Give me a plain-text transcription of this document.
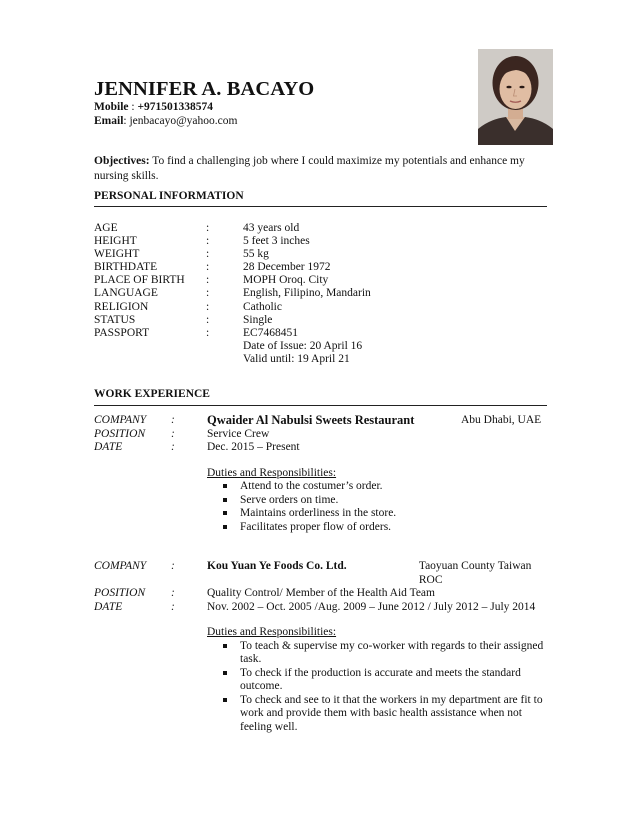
JENNIFER A. BACAYO
Mobile : +971501338574
Email: jenbacayo@yahoo.com
Objectives: To find a challenging job where I could maximize my potentials and enhance my nursing skills.
PERSONAL INFORMATION
AGE	:	43 years old
HEIGHT	:	5 feet 3 inches
WEIGHT	:	55 kg
BIRTHDATE	:	28 December 1972
PLACE OF BIRTH	:	MOPH Oroq. City
LANGUAGE	:	English, Filipino, Mandarin
RELIGION	:	Catholic
STATUS	:	Single
PASSPORT	:	EC7468451
Date of Issue: 20 April 16
Valid until: 19 April 21
WORK EXPERIENCE
COMPANY	:	Qwaider Al Nabulsi Sweets Restaurant	Abu Dhabi, UAE
POSITION	:	Service Crew
DATE	:	Dec. 2015 – Present
Duties and Responsibilities:
Attend to the costumer’s order.
Serve orders on time.
Maintains orderliness in the store.
Facilitates proper flow of orders.
COMPANY	:	Kou Yuan Ye Foods Co. Ltd.	Taoyuan County Taiwan ROC
POSITION	:	Quality Control/ Member of the Health Aid Team
DATE	:	Nov. 2002 – Oct. 2005 /Aug. 2009 – June 2012 / July 2012 – July 2014
Duties and Responsibilities:
To teach & supervise my co-worker with regards to their assigned task.
To check if the production is accurate and meets the standard outcome.
To check and see to it that the workers in my department are fit to work and provide them with basic health assistance when not feeling well.
